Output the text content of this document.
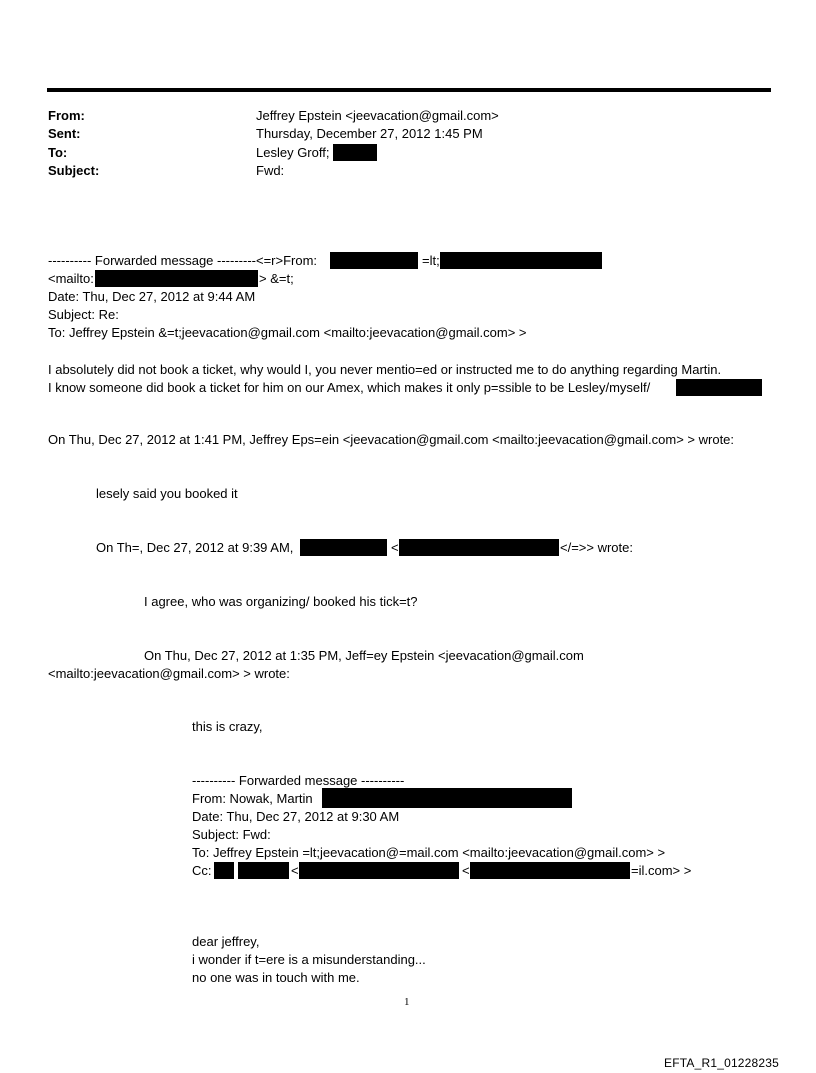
From:	Jeffrey Epstein <jeevacation@gmail.com>
Sent:	Thursday, December 27, 2012 1:45 PM
To:	Lesley Groff;
Subject:	Fwd:
---------- Forwarded message ---------<=r>From:	=lt;
<mailto:	> &=t;
Date: Thu, Dec 27, 2012 at 9:44 AM
Subject: Re:
To: Jeffrey Epstein &=t;jeevacation@gmail.com <mailto:jeevacation@gmail.com> >
I absolutely did not book a ticket, why would I, you never mentio=ed or instructed me to do anything regarding Martin.
I know someone did book a ticket for him on our Amex, which makes it only p=ssible to be Lesley/myself/
On Thu, Dec 27, 2012 at 1:41 PM, Jeffrey Eps=ein <jeevacation@gmail.com <mailto:jeevacation@gmail.com> > wrote:
lesely said you booked it
On Th=, Dec 27, 2012 at 9:39 AM,	<	</=>> wrote:
I agree, who was organizing/ booked his tick=t?
On Thu, Dec 27, 2012 at 1:35 PM, Jeff=ey Epstein <jeevacation@gmail.com
<mailto:jeevacation@gmail.com> > wrote:
this is crazy,
---------- Forwarded message ----------
From: Nowak, Martin
Date: Thu, Dec 27, 2012 at 9:30 AM
Subject: Fwd:
To: Jeffrey Epstein =lt;jeevacation@=mail.com <mailto:jeevacation@gmail.com> >
Cc:	<	<	=il.com> >
dear jeffrey,
i wonder if t=ere is a misunderstanding...
no one was in touch with me.
1
EFTA_R1_01228235
